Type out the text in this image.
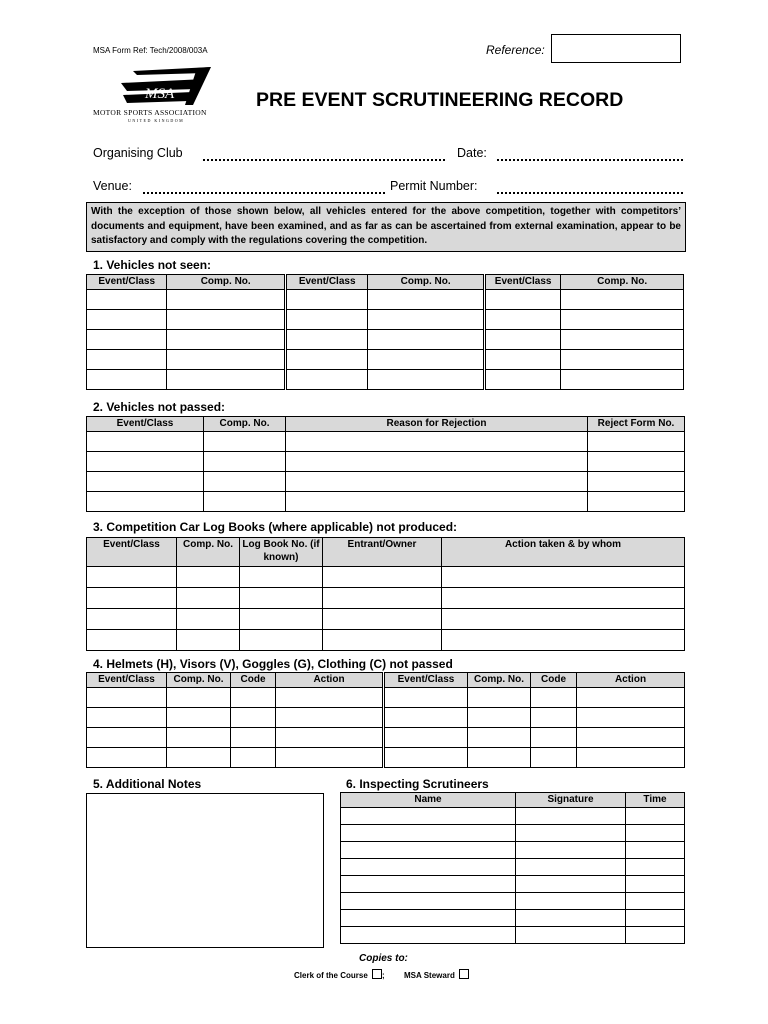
MSA Form Ref: Tech/2008/003A	Reference:
MSA
MOTOR SPORTS ASSOCIATION
UNITED KINGDOM
PRE EVENT SCRUTINEERING RECORD
Organising Club	Date:
Venue:	Permit Number:
With the exception of those shown below, all vehicles entered for the above competition, together with competitors’ documents and equipment, have been examined, and as far as can be ascertained from external examination, appear to be satisfactory and comply with the regulations covering the competition.
1. Vehicles not seen:
Event/Class	Comp. No.	Event/Class	Comp. No.	Event/Class	Comp. No.

2. Vehicles not passed:
Event/Class	Comp. No.	Reason for Rejection	Reject Form No.

3. Competition Car Log Books (where applicable) not produced:
Event/Class	Comp. No.	Log Book No. (if known)	Entrant/Owner	Action taken & by whom

4. Helmets (H), Visors (V), Goggles (G), Clothing (C) not passed
Event/Class	Comp. No.	Code	Action	Event/Class	Comp. No.	Code	Action

5. Additional Notes	6. Inspecting Scrutineers
Name	Signature	Time

Copies to:
Clerk of the Course ; MSA Steward
